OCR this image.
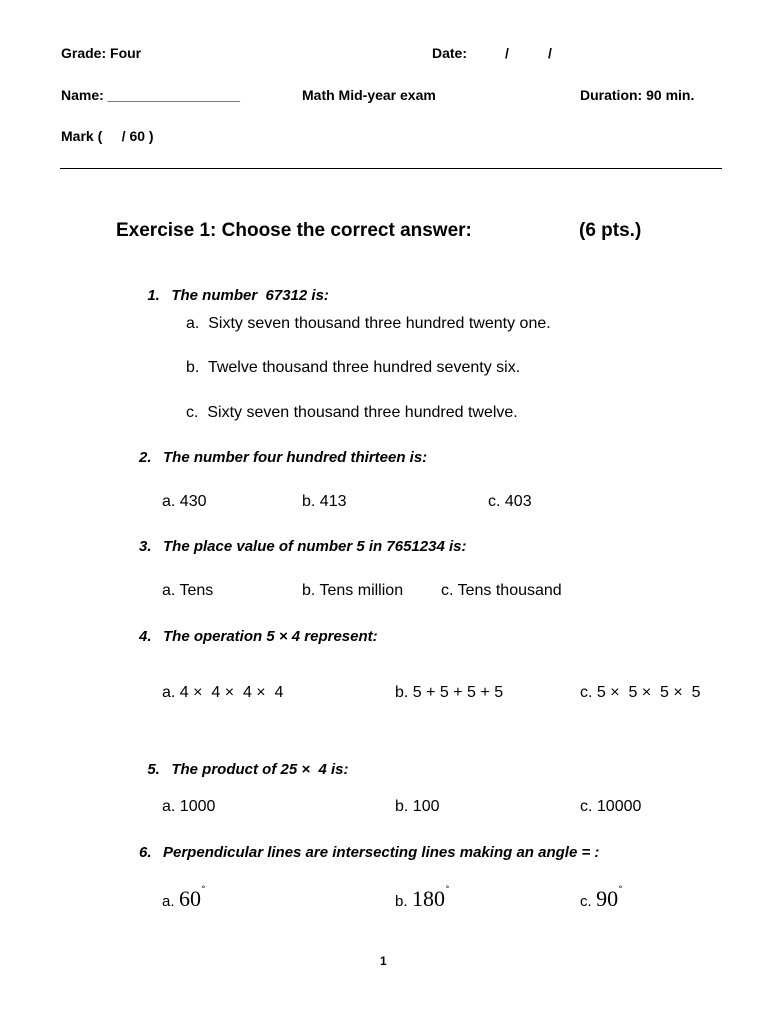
Grade: Four	Date:	/	/
Name: _________________	Math Mid-year exam	Duration: 90 min.
Mark (     / 60 )
Exercise 1: Choose the correct answer:	(6 pts.)

1. The number  67312 is:

a.  Sixty seven thousand three hundred twenty one.
b.  Twelve thousand three hundred seventy six.
c.  Sixty seven thousand three hundred twelve.
2. The number four hundred thirteen is:
a. 430	b. 413	c. 403
3. The place value of number 5 in 7651234 is:
a. Tens	b. Tens million c. Tens thousand
4. The operation 5 × 4 represent:
a. 4 ×  4 ×  4 ×  4	b. 5 + 5 + 5 + 5	c. 5 ×  5 ×  5 ×  5

5. The product of 25 ×  4 is:

a. 1000	b. 100	c. 10000
6. Perpendicular lines are intersecting lines making an angle = :
a. 60˚
b. 180˚
c. 90˚
1
